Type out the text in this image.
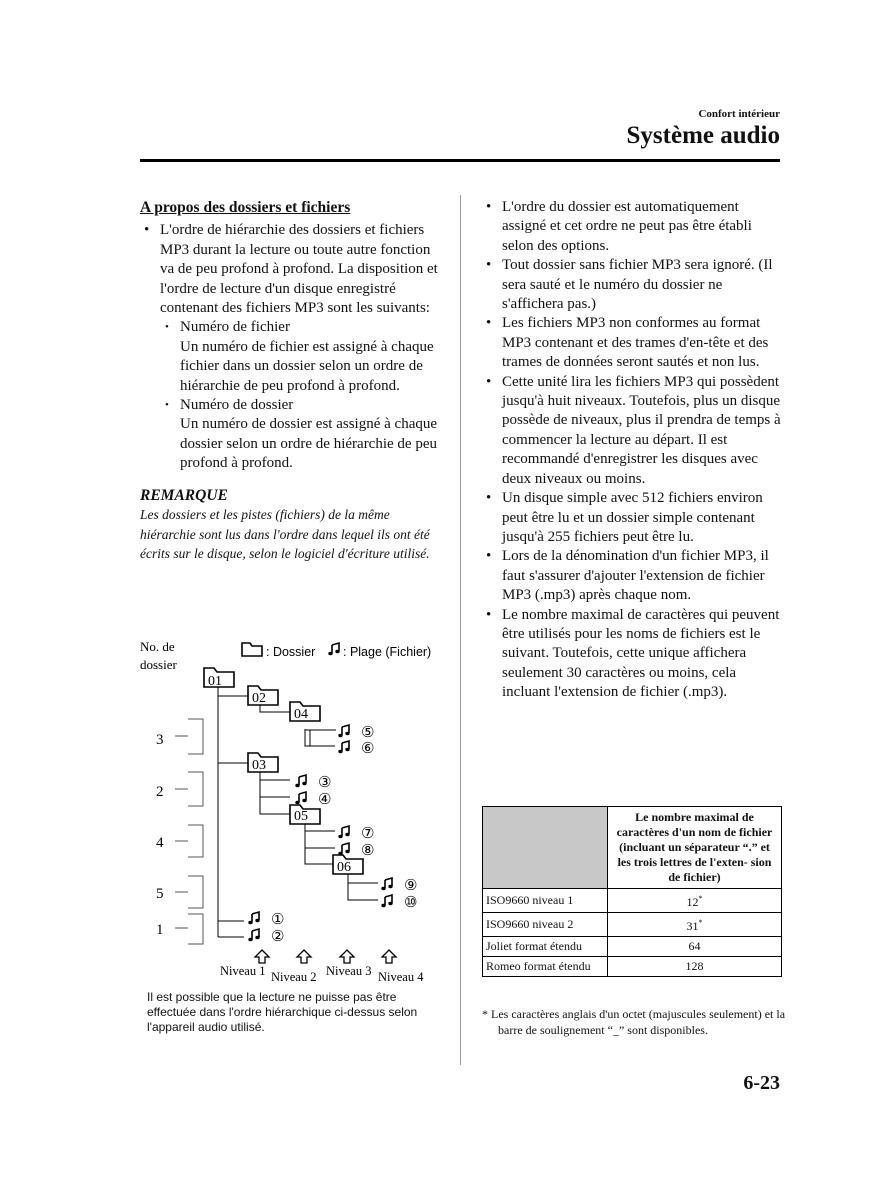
Confort intérieur
Système audio
A propos des dossiers et fichiers
• L'ordre de hiérarchie des dossiers et fichiers MP3 durant la lecture ou toute autre fonction va de peu profond à profond. La disposition et l'ordre de lecture d'un disque enregistré contenant des fichiers MP3 sont les suivants:
• Numéro de fichier
Un numéro de fichier est assigné à chaque fichier dans un dossier selon un ordre de hiérarchie de peu profond à profond.
• Numéro de dossier
Un numéro de dossier est assigné à chaque dossier selon un ordre de hiérarchie de peu profond à profond.
REMARQUE
Les dossiers et les pistes (fichiers) de la même hiérarchie sont lus dans l'ordre dans lequel ils ont été écrits sur le disque, selon le logiciel d'écriture utilisé.
No. de
dossier
: Dossier : Plage (Fichier)
3
2
4
5
1
01
02
04
03
05
06
⑤
⑥
③
④
⑦
⑧
⑨
⑩
①
②
Niveau 1 Niveau 2 Niveau 3 Niveau 4
Il est possible que la lecture ne puisse pas être effectuée dans l'ordre hiérarchique ci-dessus selon l'appareil audio utilisé.
• L'ordre du dossier est automatiquement assigné et cet ordre ne peut pas être établi selon des options.
• Tout dossier sans fichier MP3 sera ignoré. (Il sera sauté et le numéro du dossier ne s'affichera pas.)
• Les fichiers MP3 non conformes au format MP3 contenant et des trames d'en-tête et des trames de données seront sautés et non lus.
• Cette unité lira les fichiers MP3 qui possèdent jusqu'à huit niveaux. Toutefois, plus un disque possède de niveaux, plus il prendra de temps à commencer la lecture au départ. Il est recommandé d'enregistrer les disques avec deux niveaux ou moins.
• Un disque simple avec 512 fichiers environ peut être lu et un dossier simple contenant jusqu'à 255 fichiers peut être lu.
• Lors de la dénomination d'un fichier MP3, il faut s'assurer d'ajouter l'extension de fichier MP3 (.mp3) après chaque nom.
• Le nombre maximal de caractères qui peuvent être utilisés pour les noms de fichiers est le suivant. Toutefois, cette unique affichera seulement 30 caractères ou moins, cela incluant l'extension de fichier (.mp3).
	Le nombre maximal de caractères d'un nom de fichier (incluant un séparateur “.” et les trois lettres de l'exten- sion de fichier)
ISO9660 niveau 1	12*
ISO9660 niveau 2	31*
Joliet format étendu	64
Romeo format étendu	128
* Les caractères anglais d'un octet (majuscules seulement) et la barre de soulignement “_” sont disponibles.
6-23
